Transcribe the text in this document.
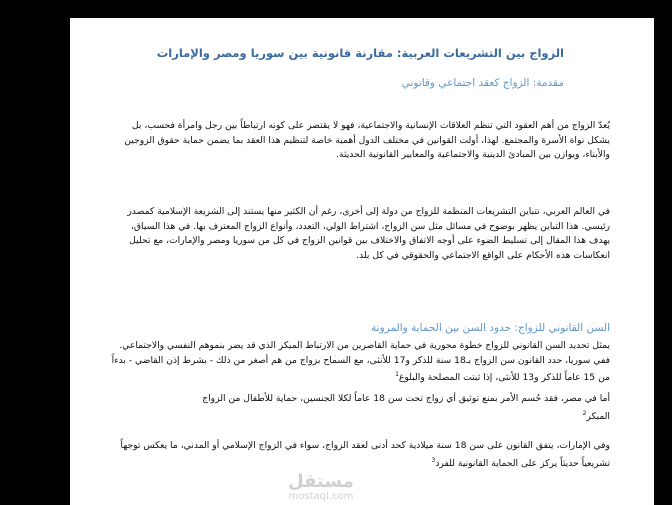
الزواج بين التشريعات العربية: مقارنة قانونية بين سوريا ومصر والإمارات
مقدمة: الزواج كعقد اجتماعي وقانوني
يُعدّ الزواج من أهم العقود التي تنظم العلاقات الإنسانية والاجتماعية، فهو لا يقتصر على كونه ارتباطاً بين رجل وامرأة فحسب، بل يشكل نواة الأسرة والمجتمع. لهذا، أولت القوانين في مختلف الدول أهمية خاصة لتنظيم هذا العقد بما يضمن حماية حقوق الزوجين والأبناء، ويوازن بين المبادئ الدينية والاجتماعية والمعايير القانونية الحديثة.
في العالم العربي، تتباين التشريعات المنظمة للزواج من دولة إلى أخرى، رغم أن الكثير منها يستند إلى الشريعة الإسلامية كمصدر رئيسي. هذا التباين يظهر بوضوح في مسائل مثل سن الزواج، اشتراط الولي، التعدد، وأنواع الزواج المعترف بها. في هذا السياق، يهدف هذا المقال إلى تسليط الضوء على أوجه الاتفاق والاختلاف بين قوانين الزواج في كل من سوريا ومصر والإمارات، مع تحليل انعكاسات هذه الأحكام على الواقع الاجتماعي والحقوقي في كل بلد.
السن القانوني للزواج: حدود السن بين الحماية والمرونة
يمثل تحديد السن القانوني للزواج خطوة محورية في حماية القاصرين من الارتباط المبكر الذي قد يضر بنموهم النفسي والاجتماعي. ففي سوريا، حدد القانون سن الزواج بـ18 سنة للذكر و17 للأنثى، مع السماح بزواج من هم أصغر من ذلك - بشرط إذن القاضي - بدءاً من 15 عاماً للذكر و13 للأنثى، إذا ثبتت المصلحة والبلوغ$^1$
أما في مصر، فقد حُسم الأمر بمنع توثيق أي زواج تحت سن 18 عاماً لكلا الجنسين، حماية للأطفال من الزواج المبكر$^2$
وفي الإمارات، يتفق القانون على سن 18 سنة ميلادية كحد أدنى لعقد الزواج، سواء في الزواج الإسلامي أو المدني، ما يعكس توجهاً تشريعياً حديثاً يركز على الحماية القانونية للفرد$^3$
مستقل
mostaql.com
